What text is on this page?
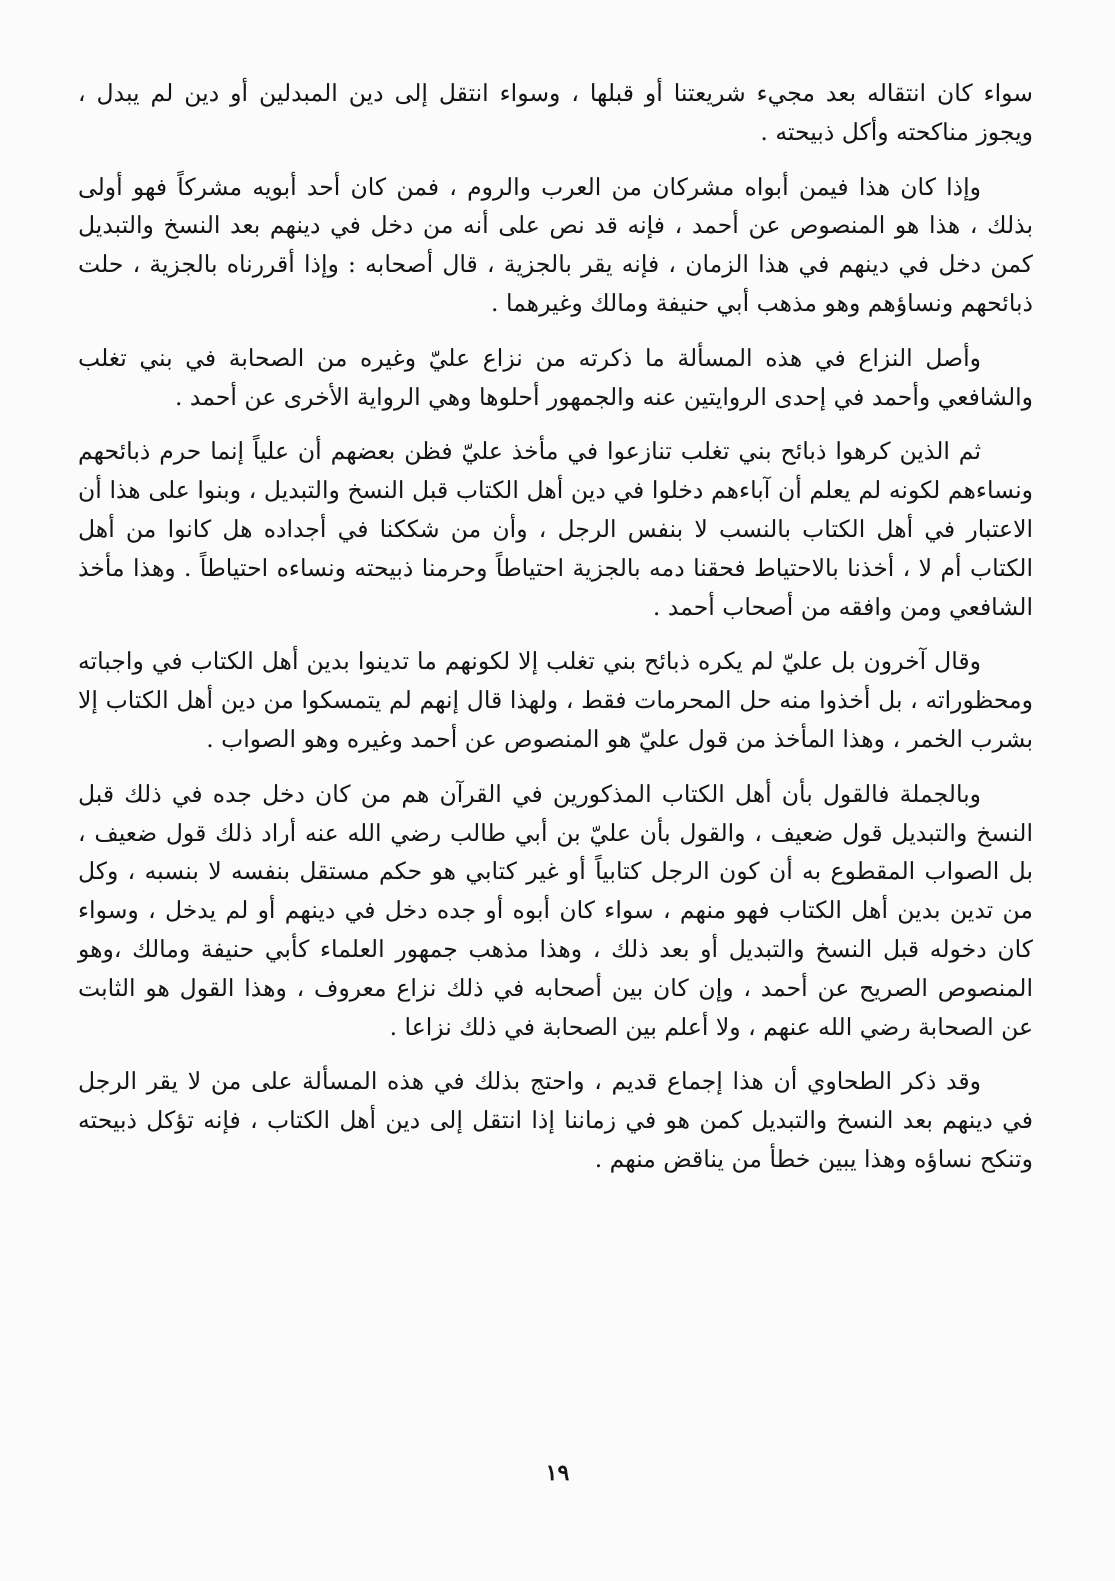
سواء كان انتقاله بعد مجيء شريعتنا أو قبلها ، وسواء انتقل إلى دين المبدلين أو دين لم يبدل ، ويجوز مناكحته وأكل ذبيحته .

وإذا كان هذا فيمن أبواه مشركان من العرب والروم ، فمن كان أحد أبويه مشركاً فهو أولى بذلك ، هذا هو المنصوص عن أحمد ، فإنه قد نص على أنه من دخل في دينهم بعد النسخ والتبديل كمن دخل في دينهم في هذا الزمان ، فإنه يقر بالجزية ، قال أصحابه : وإذا أقررناه بالجزية ، حلت ذبائحهم ونساؤهم وهو مذهب أبي حنيفة ومالك وغيرهما .

وأصل النزاع في هذه المسألة ما ذكرته من نزاع عليّ وغيره من الصحابة في بني تغلب والشافعي وأحمد في إحدى الروايتين عنه والجمهور أحلوها وهي الرواية الأخرى عن أحمد .

ثم الذين كرهوا ذبائح بني تغلب تنازعوا في مأخذ عليّ فظن بعضهم أن علياً إنما حرم ذبائحهم ونساءهم لكونه لم يعلم أن آباءهم دخلوا في دين أهل الكتاب قبل النسخ والتبديل ، وبنوا على هذا أن الاعتبار في أهل الكتاب بالنسب لا بنفس الرجل ، وأن من شككنا في أجداده هل كانوا من أهل الكتاب أم لا ، أخذنا بالاحتياط فحقنا دمه بالجزية احتياطاً وحرمنا ذبيحته ونساءه احتياطاً . وهذا مأخذ الشافعي ومن وافقه من أصحاب أحمد .

وقال آخرون بل عليّ لم يكره ذبائح بني تغلب إلا لكونهم ما تدينوا بدين أهل الكتاب في واجباته ومحظوراته ، بل أخذوا منه حل المحرمات فقط ، ولهذا قال إنهم لم يتمسكوا من دين أهل الكتاب إلا بشرب الخمر ، وهذا المأخذ من قول عليّ هو المنصوص عن أحمد وغيره وهو الصواب .

وبالجملة فالقول بأن أهل الكتاب المذكورين في القرآن هم من كان دخل جده في ذلك قبل النسخ والتبديل قول ضعيف ، والقول بأن عليّ بن أبي طالب رضي الله عنه أراد ذلك قول ضعيف ، بل الصواب المقطوع به أن كون الرجل كتابياً أو غير كتابي هو حكم مستقل بنفسه لا بنسبه ، وكل من تدين بدين أهل الكتاب فهو منهم ، سواء كان أبوه أو جده دخل في دينهم أو لم يدخل ، وسواء كان دخوله قبل النسخ والتبديل أو بعد ذلك ، وهذا مذهب جمهور العلماء كأبي حنيفة ومالك ،وهو المنصوص الصريح عن أحمد ، وإن كان بين أصحابه في ذلك نزاع معروف ، وهذا القول هو الثابت عن الصحابة رضي الله عنهم ، ولا أعلم بين الصحابة في ذلك نزاعا .

وقد ذكر الطحاوي أن هذا إجماع قديم ، واحتج بذلك في هذه المسألة على من لا يقر الرجل في دينهم بعد النسخ والتبديل كمن هو في زماننا إذا انتقل إلى دين أهل الكتاب ، فإنه تؤكل ذبيحته وتنكح نساؤه وهذا يبين خطأ من يناقض منهم .

١٩
